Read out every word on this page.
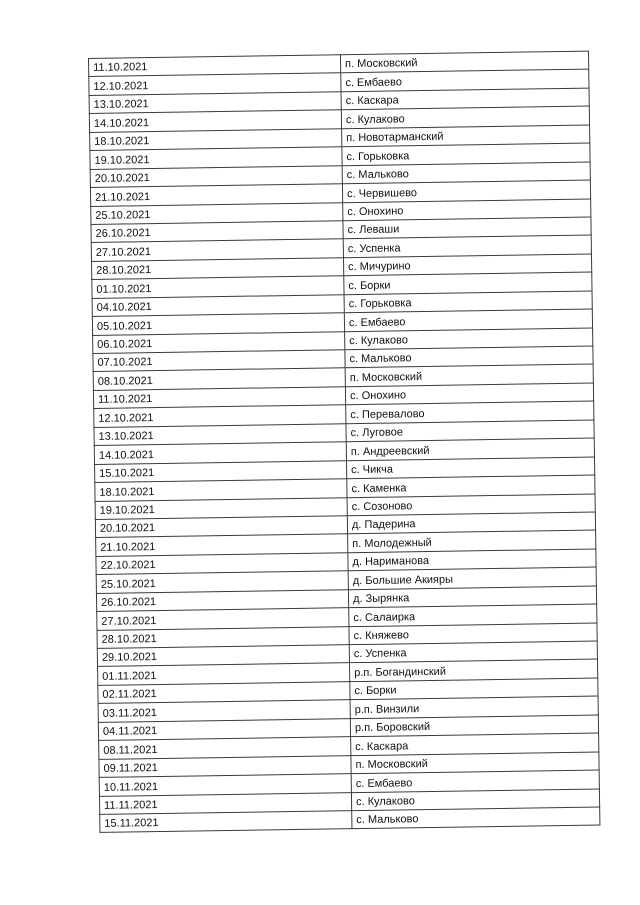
11.10.2021	п. Московский
12.10.2021	с. Ембаево
13.10.2021	с. Каскара
14.10.2021	с. Кулаково
18.10.2021	п. Новотарманский
19.10.2021	с. Горьковка
20.10.2021	с. Мальково
21.10.2021	с. Червишево
25.10.2021	с. Онохино
26.10.2021	с. Леваши
27.10.2021	с. Успенка
28.10.2021	с. Мичурино
01.10.2021	с. Борки
04.10.2021	с. Горьковка
05.10.2021	с. Ембаево
06.10.2021	с. Кулаково
07.10.2021	с. Мальково
08.10.2021	п. Московский
11.10.2021	с. Онохино
12.10.2021	с. Перевалово
13.10.2021	с. Луговое
14.10.2021	п. Андреевский
15.10.2021	с. Чикча
18.10.2021	с. Каменка
19.10.2021	с. Созоново
20.10.2021	д. Падерина
21.10.2021	п. Молодежный
22.10.2021	д. Нариманова
25.10.2021	д. Большие Акияры
26.10.2021	д. Зырянка
27.10.2021	с. Салаирка
28.10.2021	с. Княжево
29.10.2021	с. Успенка
01.11.2021	р.п. Богандинский
02.11.2021	с. Борки
03.11.2021	р.п. Винзили
04.11.2021	р.п. Боровский
08.11.2021	с. Каскара
09.11.2021	п. Московский
10.11.2021	с. Ембаево
11.11.2021	с. Кулаково
15.11.2021	с. Мальково
